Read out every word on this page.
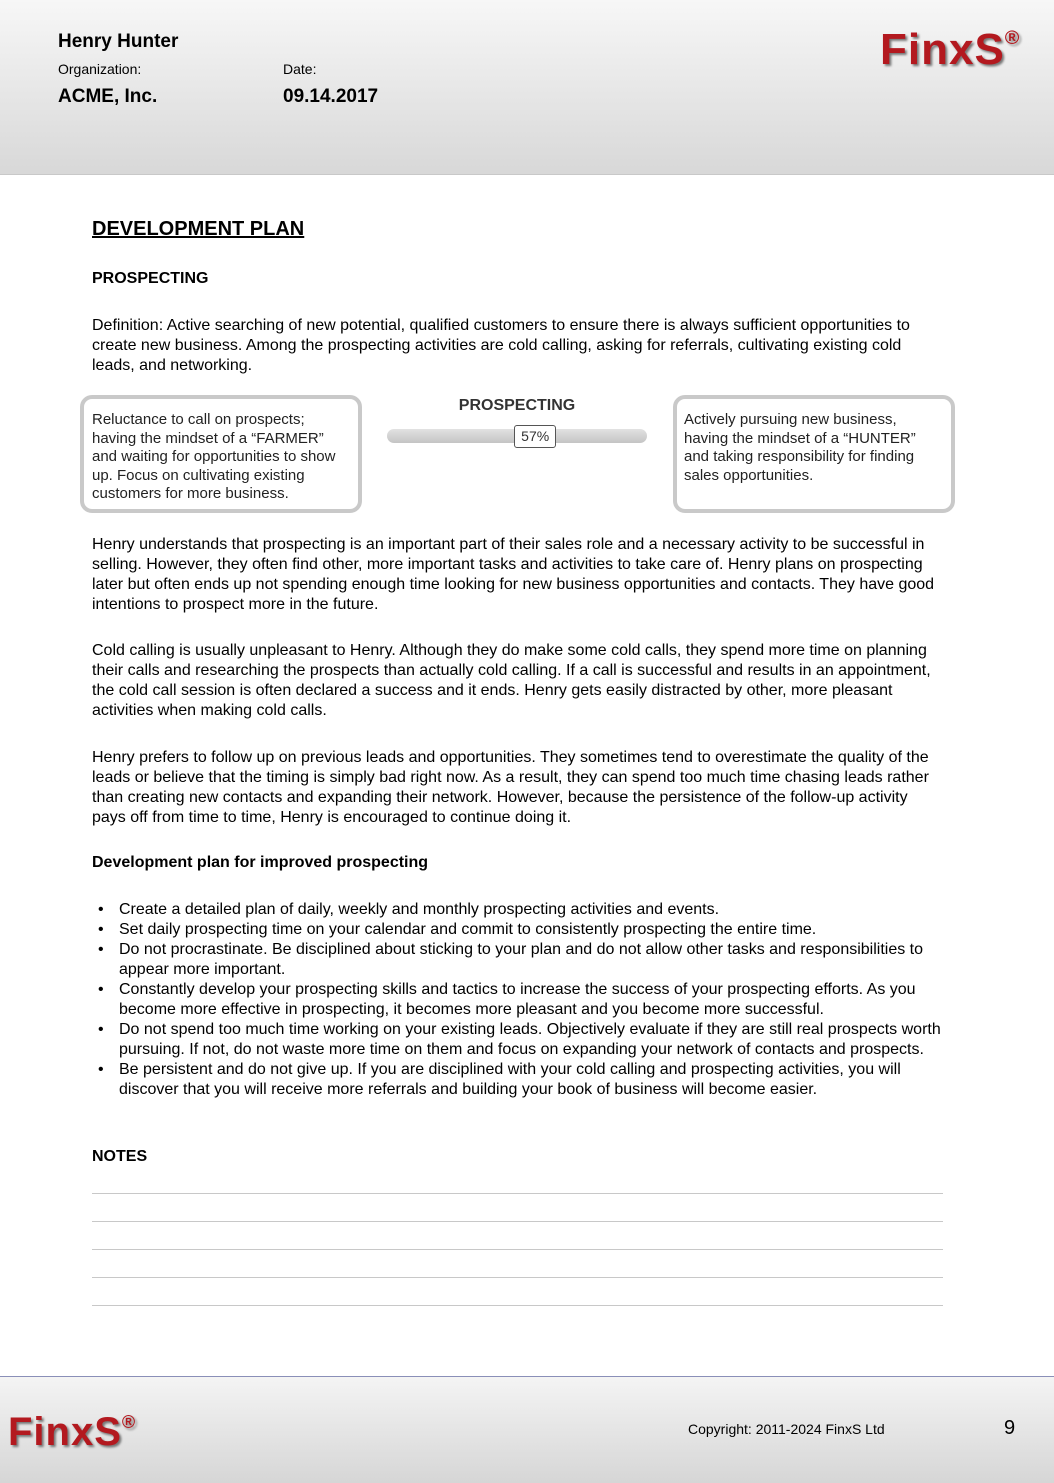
Henry Hunter
Organization:	Date:
ACME, Inc.	09.14.2017
FinxS®
DEVELOPMENT PLAN
PROSPECTING
Definition: Active searching of new potential, qualified customers to ensure there is always sufficient opportunities to create new business. Among the prospecting activities are cold calling, asking for referrals, cultivating existing cold leads, and networking.
Reluctance to call on prospects; having the mindset of a “FARMER” and waiting for opportunities to show up. Focus on cultivating existing customers for more business.
PROSPECTING
57%
Actively pursuing new business, having the mindset of a “HUNTER” and taking responsibility for finding sales opportunities.
Henry understands that prospecting is an important part of their sales role and a necessary activity to be successful in selling. However, they often find other, more important tasks and activities to take care of. Henry plans on prospecting later but often ends up not spending enough time looking for new business opportunities and contacts. They have good intentions to prospect more in the future.
Cold calling is usually unpleasant to Henry. Although they do make some cold calls, they spend more time on planning their calls and researching the prospects than actually cold calling. If a call is successful and results in an appointment, the cold call session is often declared a success and it ends. Henry gets easily distracted by other, more pleasant activities when making cold calls.
Henry prefers to follow up on previous leads and opportunities. They sometimes tend to overestimate the quality of the leads or believe that the timing is simply bad right now. As a result, they can spend too much time chasing leads rather than creating new contacts and expanding their network. However, because the persistence of the follow-up activity pays off from time to time, Henry is encouraged to continue doing it.
Development plan for improved prospecting
• Create a detailed plan of daily, weekly and monthly prospecting activities and events.
• Set daily prospecting time on your calendar and commit to consistently prospecting the entire time.
• Do not procrastinate. Be disciplined about sticking to your plan and do not allow other tasks and responsibilities to appear more important.
• Constantly develop your prospecting skills and tactics to increase the success of your prospecting efforts. As you become more effective in prospecting, it becomes more pleasant and you become more successful.
• Do not spend too much time working on your existing leads. Objectively evaluate if they are still real prospects worth pursuing. If not, do not waste more time on them and focus on expanding your network of contacts and prospects.
• Be persistent and do not give up. If you are disciplined with your cold calling and prospecting activities, you will discover that you will receive more referrals and building your book of business will become easier.
NOTES
FinxS®	Copyright: 2011-2024 FinxS Ltd	9
